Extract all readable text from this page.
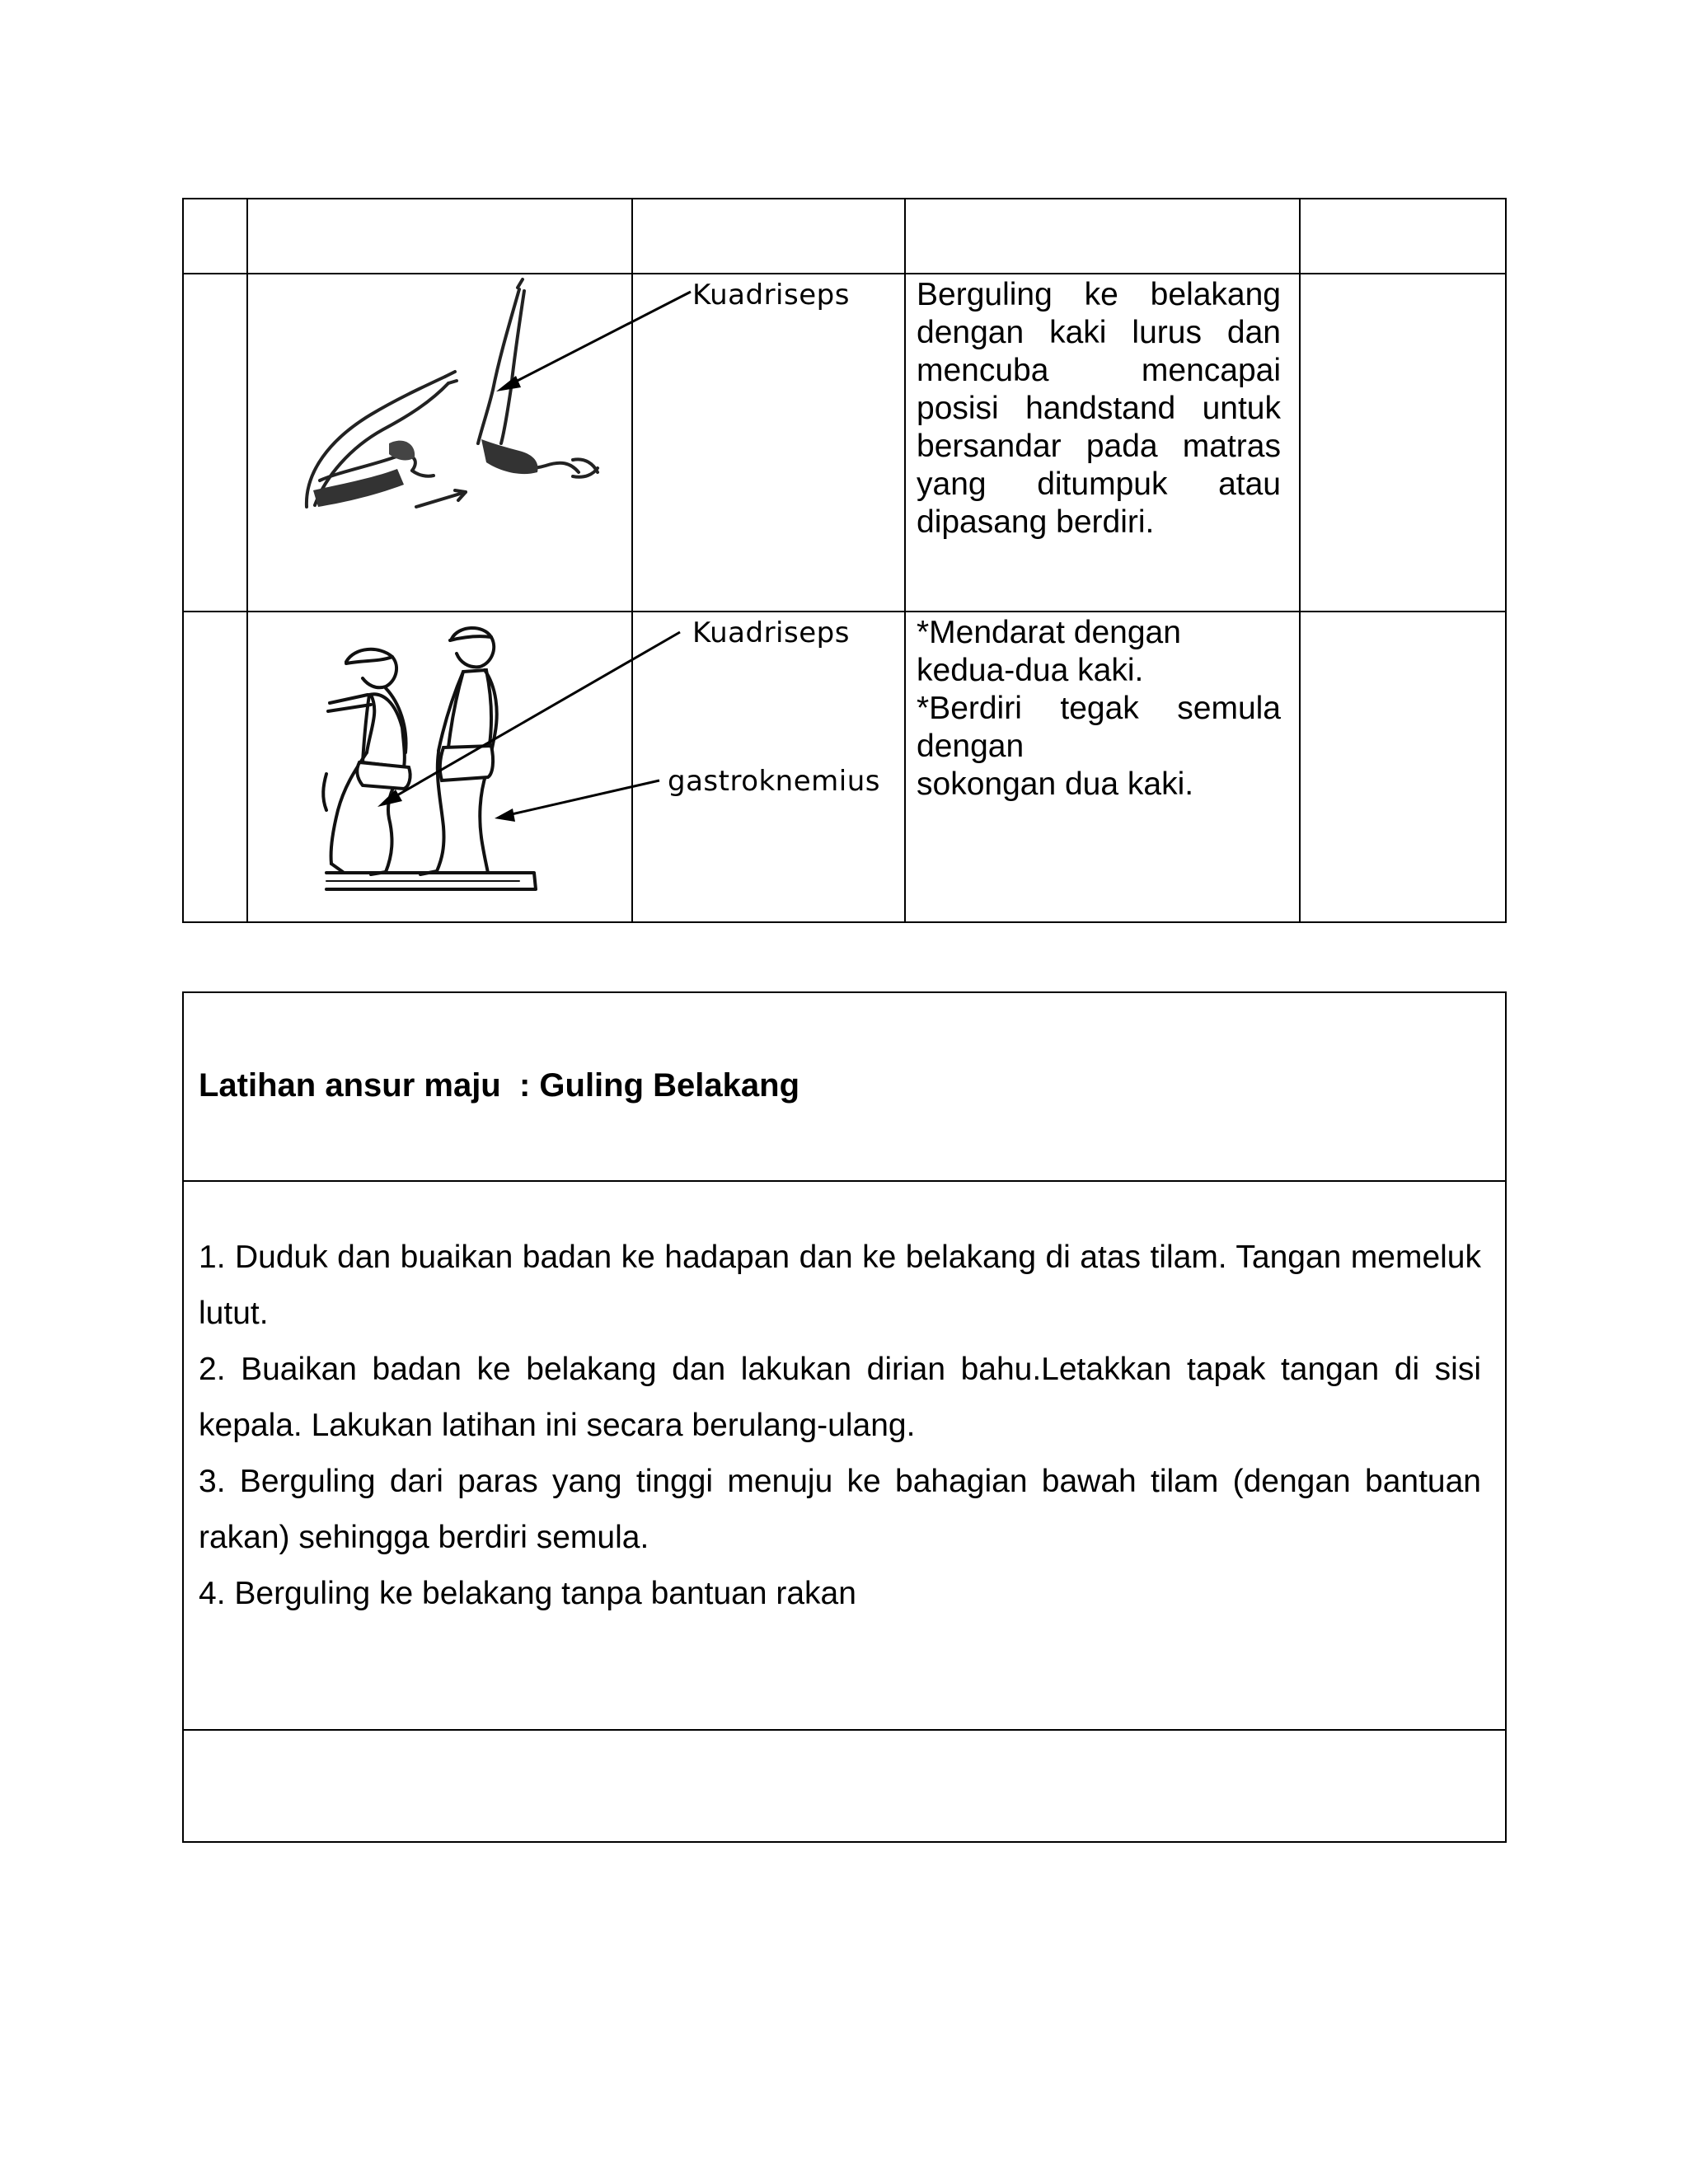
Kuadriseps Berguling ke belakang dengan kaki lurus dan mencuba mencapai posisi handstand untuk bersandar pada matras yang ditumpuk atau dipasang berdiri.
Kuadriseps
gastroknemius

*Mendarat dengan

kedua-dua kaki.

*Berdiri tegak semula dengan

sokongan dua kaki.

Latihan ansur maju  : Guling Belakang

1. Duduk dan buaikan badan ke hadapan dan ke belakang di atas tilam. Tangan memeluk lutut.

2. Buaikan badan ke belakang dan lakukan dirian bahu.Letakkan tapak tangan di sisi kepala. Lakukan latihan ini secara berulang-ulang.

3. Berguling dari paras yang tinggi menuju ke bahagian bawah tilam (dengan bantuan rakan) sehingga berdiri semula.

4. Berguling ke belakang tanpa bantuan rakan
